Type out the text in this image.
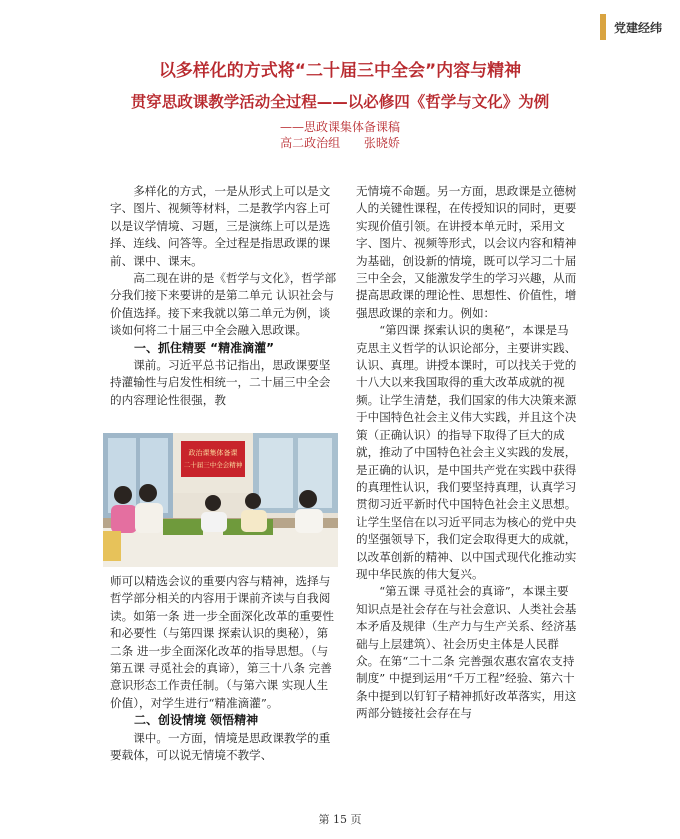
党建经纬
以多样化的方式将“二十届三中全会”内容与精神
贯穿思政课教学活动全过程——以必修四《哲学与文化》为例
——思政课集体备课稿
高二政治组 张晓娇

多样化的方式，一是从形式上可以是文字、图片、视频等材料，二是教学内容上可以是议学情境、习题，三是演练上可以是选择、连线、问答等。全过程是指思政课的课前、课中、课末。

高二现在讲的是《哲学与文化》，哲学部分我们接下来要讲的是第二单元 认识社会与价值选择。接下来我就以第二单元为例，谈谈如何将二十届三中全会融入思政课。

一、抓住精要 “精准滴灌”

课前。习近平总书记指出，思政课要坚持灌输性与启发性相统一，二十届三中全会的内容理论性很强，教

政治课集体备课
二十届三中全会精神

师可以精选会议的重要内容与精神，选择与哲学部分相关的内容用于课前齐读与自我阅读。如第一条 进一步全面深化改革的重要性和必要性（与第四课 探索认识的奥秘），第二条 进一步全面深化改革的指导思想。（与第五课 寻觅社会的真谛），第三十八条 完善意识形态工作责任制。（与第六课 实现人生价值），对学生进行“精准滴灌”。

二、创设情境 领悟精神

课中。一方面，情境是思政课教学的重要载体，可以说无情境不教学、

无情境不命题。另一方面，思政课是立德树人的关键性课程，在传授知识的同时，更要实现价值引领。在讲授本单元时，采用文字、图片、视频等形式，以会议内容和精神为基础，创设新的情境，既可以学习二十届三中全会，又能激发学生的学习兴趣，从而提高思政课的理论性、思想性、价值性，增强思政课的亲和力。例如：

“第四课 探索认识的奥秘”，本课是马克思主义哲学的认识论部分，主要讲实践、认识、真理。讲授本课时，可以找关于党的十八大以来我国取得的重大改革成就的视频。让学生清楚，我们国家的伟大决策来源于中国特色社会主义伟大实践，并且这个决策（正确认识）的指导下取得了巨大的成就，推动了中国特色社会主义实践的发展，是正确的认识，是中国共产党在实践中获得的真理性认识，我们要坚持真理，认真学习贯彻习近平新时代中国特色社会主义思想。让学生坚信在以习近平同志为核心的党中央的坚强领导下，我们定会取得更大的成就，以改革创新的精神、以中国式现代化推动实现中华民族的伟大复兴。

“第五课 寻觅社会的真谛”，本课主要知识点是社会存在与社会意识、人类社会基本矛盾及规律（生产力与生产关系、经济基础与上层建筑）、社会历史主体是人民群众。在第“二十二条 完善强农惠农富农支持制度” 中提到运用“千万工程”经验、第六十条中提到以钉钉子精神抓好改革落实，用这两部分链接社会存在与

第 15 页
